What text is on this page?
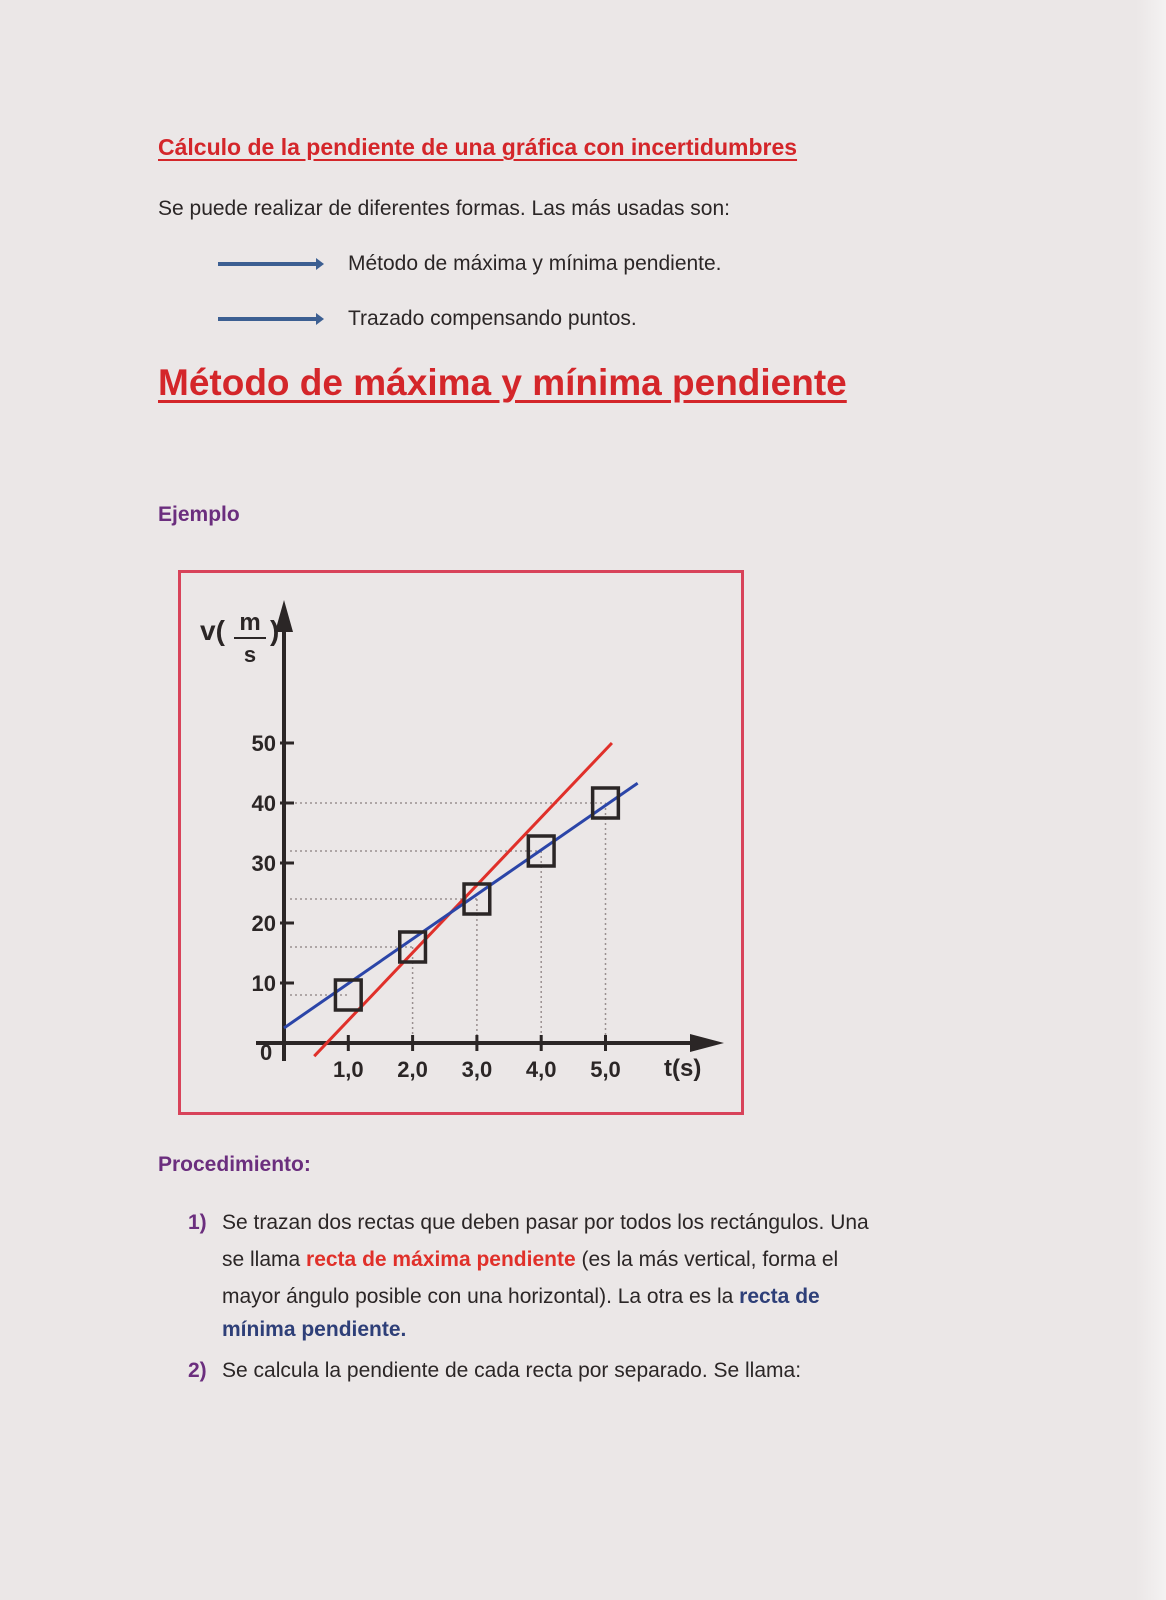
Cálculo de la pendiente de una gráfica con incertidumbres
Se puede realizar de diferentes formas. Las más usadas son:
Método de máxima y mínima pendiente.
Trazado compensando puntos.
Método de máxima y mínima pendiente
Ejemplo
1,0 2,0 3,0 4,0 5,0
10
20
30
40
50
v( m
s
)
t(s)
0
Procedimiento:
1) Se trazan dos rectas que deben pasar por todos los rectángulos. Una
se llama recta de máxima pendiente (es la más vertical, forma el
mayor ángulo posible con una horizontal). La otra es la recta de
mínima pendiente.
2) Se calcula la pendiente de cada recta por separado. Se llama:
